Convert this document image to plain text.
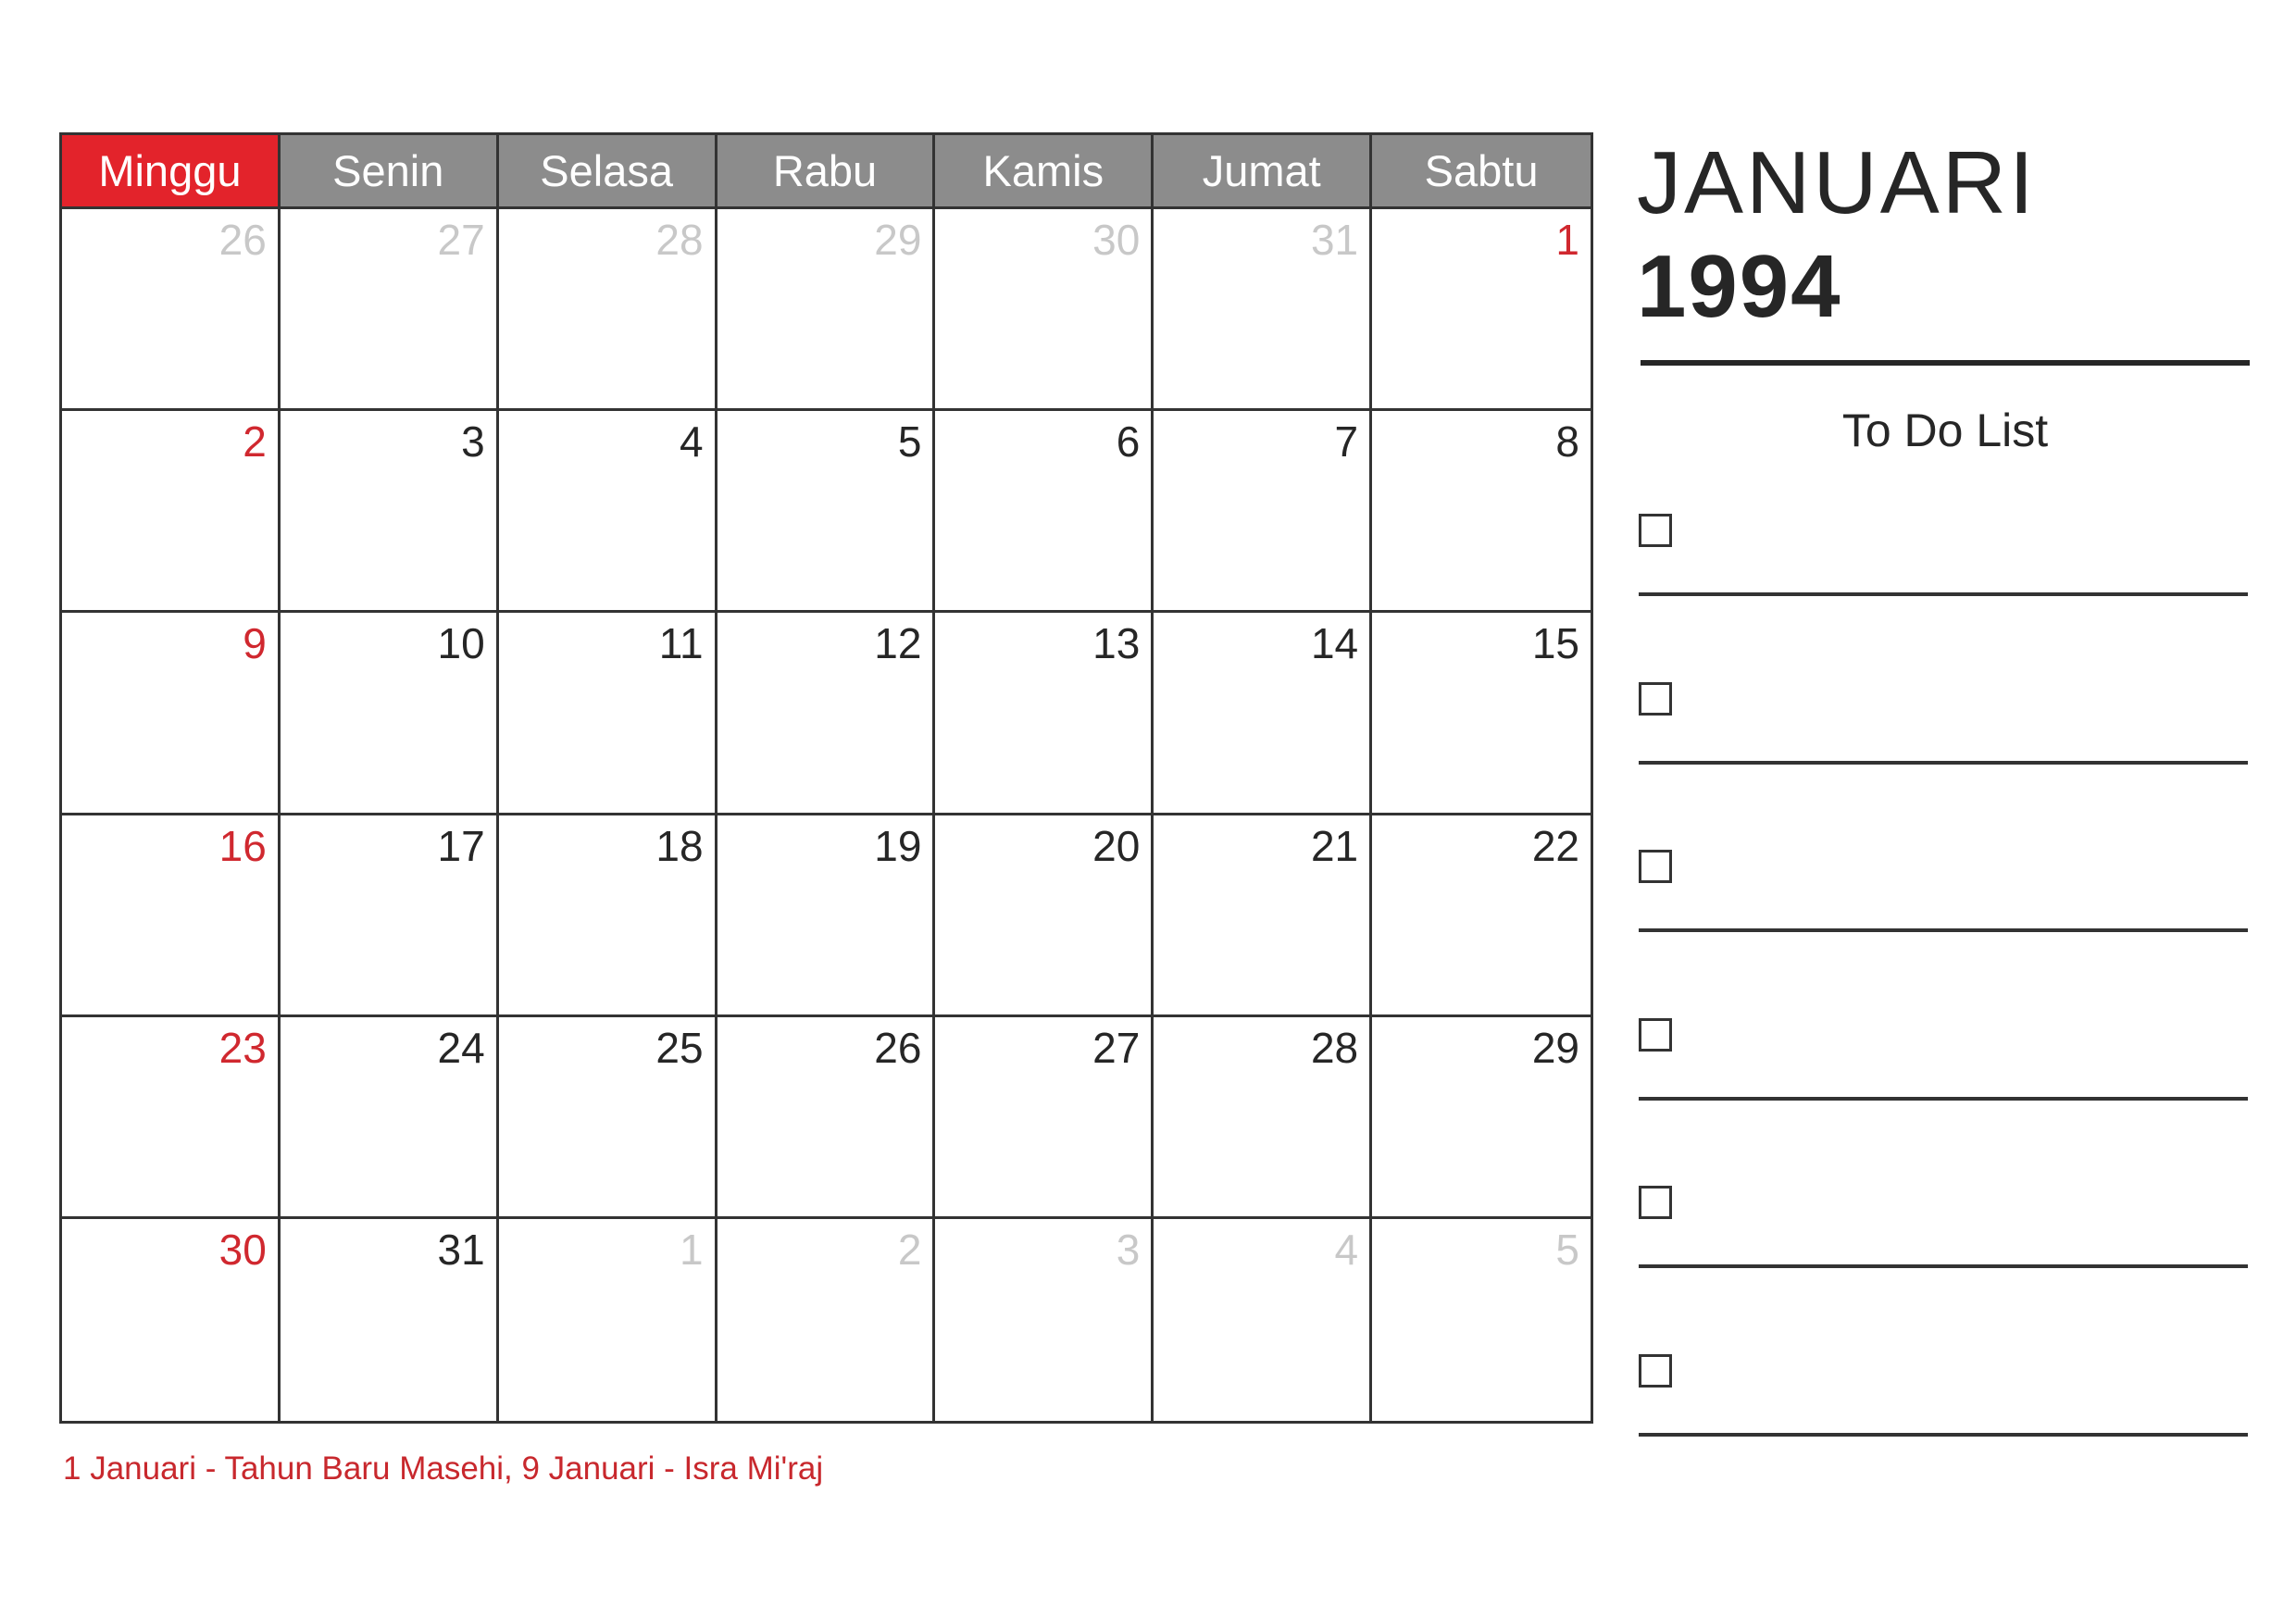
Minggu	Senin	Selasa	Rabu	Kamis	Jumat	Sabtu
26	27	28	29	30	31	1
2	3	4	5	6	7	8
9	10	11	12	13	14	15
16	17	18	19	20	21	22
23	24	25	26	27	28	29
30	31	1	2	3	4	5
1 Januari - Tahun Baru Masehi, 9 Januari - Isra Mi'raj
JANUARI
1994
To Do List
